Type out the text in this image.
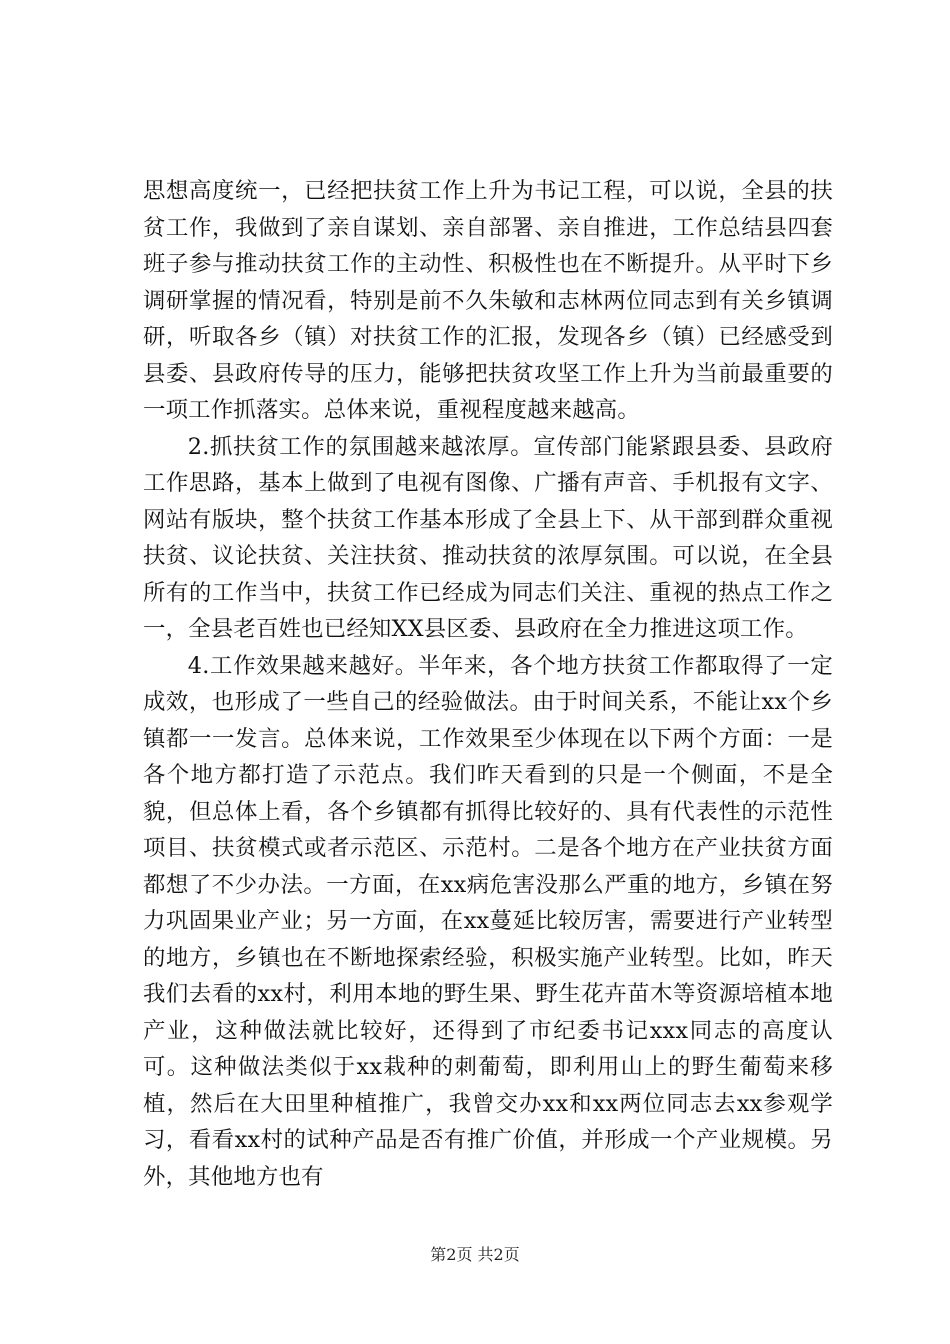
思想高度统一，已经把扶贫工作上升为书记工程，可以说，全县的扶贫工作，我做到了亲自谋划、亲自部署、亲自推进，工作总结县四套班子参与推动扶贫工作的主动性、积极性也在不断提升。从平时下乡调研掌握的情况看，特别是前不久朱敏和志林两位同志到有关乡镇调研，听取各乡（镇）对扶贫工作的汇报，发现各乡（镇）已经感受到县委、县政府传导的压力，能够把扶贫攻坚工作上升为当前最重要的一项工作抓落实。总体来说，重视程度越来越高。

2.抓扶贫工作的氛围越来越浓厚。宣传部门能紧跟县委、县政府工作思路，基本上做到了电视有图像、广播有声音、手机报有文字、网站有版块，整个扶贫工作基本形成了全县上下、从干部到群众重视扶贫、议论扶贫、关注扶贫、推动扶贫的浓厚氛围。可以说，在全县所有的工作当中，扶贫工作已经成为同志们关注、重视的热点工作之一，全县老百姓也已经知XX县区委、县政府在全力推进这项工作。

4.工作效果越来越好。半年来，各个地方扶贫工作都取得了一定成效，也形成了一些自己的经验做法。由于时间关系，不能让xx个乡镇都一一发言。总体来说，工作效果至少体现在以下两个方面：一是各个地方都打造了示范点。我们昨天看到的只是一个侧面，不是全貌，但总体上看，各个乡镇都有抓得比较好的、具有代表性的示范性项目、扶贫模式或者示范区、示范村。二是各个地方在产业扶贫方面都想了不少办法。一方面，在xx病危害没那么严重的地方，乡镇在努力巩固果业产业；另一方面，在xx蔓延比较厉害，需要进行产业转型的地方，乡镇也在不断地探索经验，积极实施产业转型。比如，昨天我们去看的xx村，利用本地的野生果、野生花卉苗木等资源培植本地产业，这种做法就比较好，还得到了市纪委书记xxx同志的高度认可。这种做法类似于xx栽种的刺葡萄，即利用山上的野生葡萄来移植，然后在大田里种植推广，我曾交办xx和xx两位同志去xx参观学习，看看xx村的试种产品是否有推广价值，并形成一个产业规模。另外，其他地方也有

第2页 共2页
